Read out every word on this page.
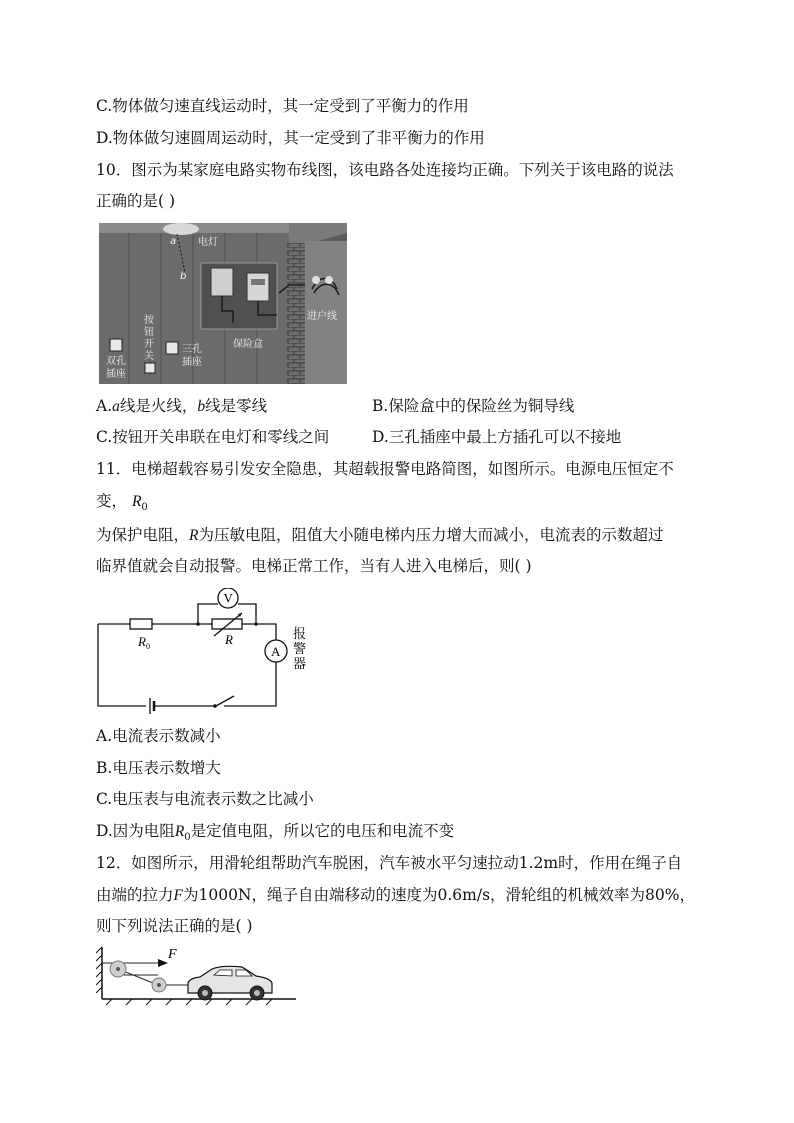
C.物体做匀速直线运动时，其一定受到了平衡力的作用
D.物体做匀速圆周运动时，其一定受到了非平衡力的作用
10．图示为某家庭电路实物布线图，该电路各处连接均正确。下列关于该电路的说法
正确的是( )
a
b
电灯
保险盒
进户线
双孔
插座
按
钮
开
关
三孔
插座
A.a线是火线，b线是零线	B.保险盒中的保险丝为铜导线
C.按钮开关串联在电灯和零线之间	D.三孔插座中最上方插孔可以不接地
11．电梯超载容易引发安全隐患，其超载报警电路简图，如图所示。电源电压恒定不
变， $R_0$
为保护电阻，R为压敏电阻，阻值大小随电梯内压力增大而减小，电流表的示数超过
临界值就会自动报警。电梯正常工作，当有人进入电梯后，则( )
V
A
$R_0$	R	报
警
器
A.电流表示数减小
B.电压表示数增大
C.电压表与电流表示数之比减小
D.因为电阻$R_0$是定值电阻，所以它的电压和电流不变
12．如图所示，用滑轮组帮助汽车脱困，汽车被水平匀速拉动1.2m时，作用在绳子自
由端的拉力F为1000N，绳子自由端移动的速度为0.6m/s，滑轮组的机械效率为80%，
则下列说法正确的是( )
F
